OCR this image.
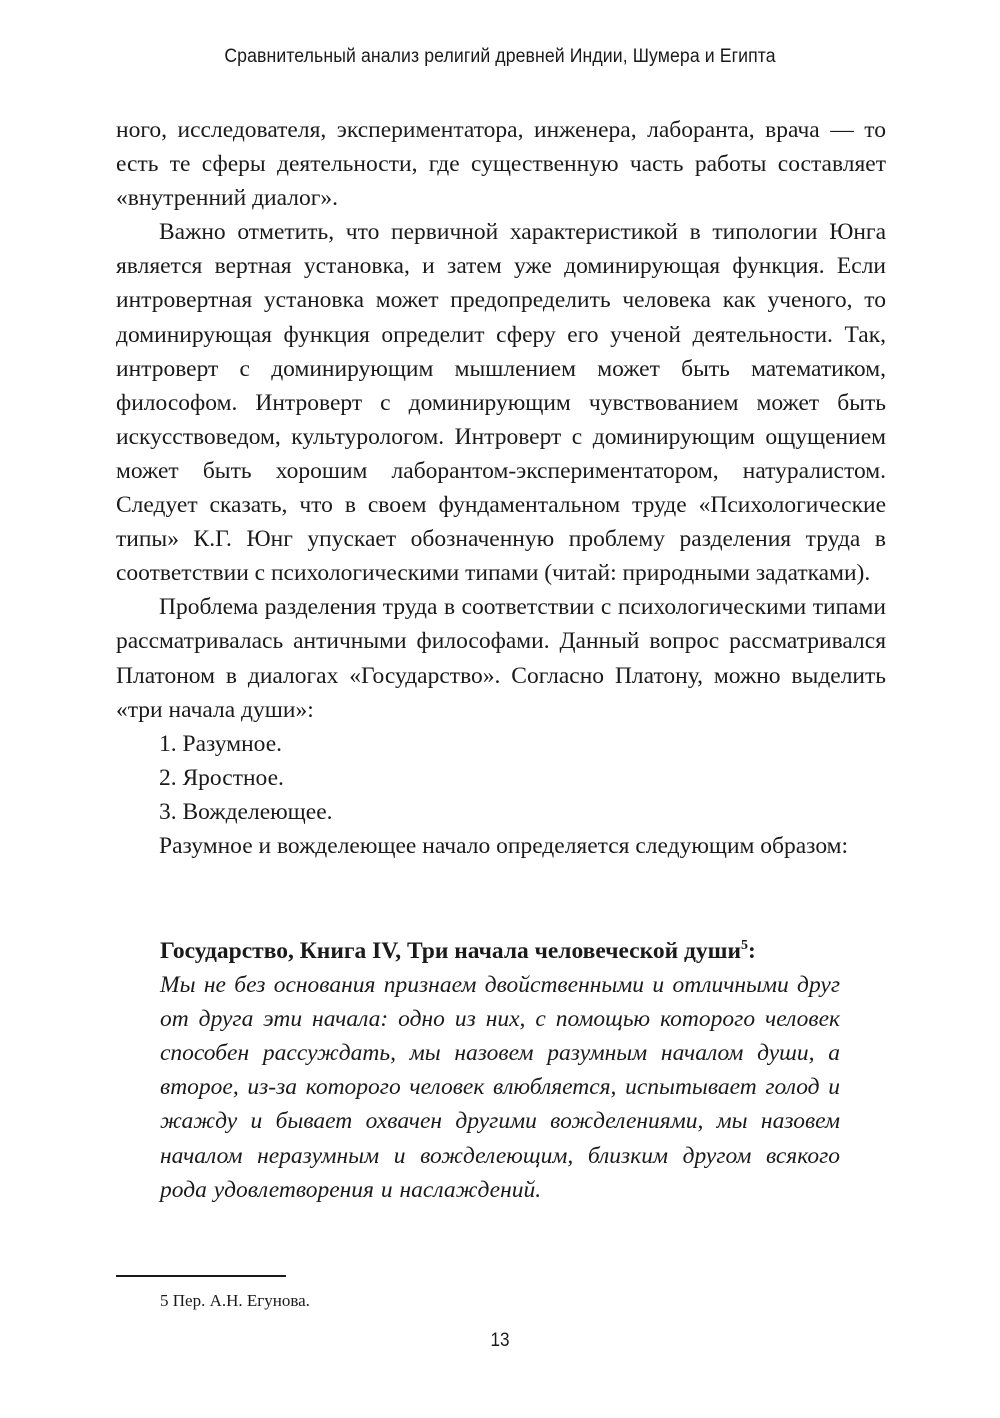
Сравнительный анализ религий древней Индии, Шумера и Египта

ного, исследователя, экспериментатора, инженера, лаборанта, врача — то есть те сферы деятельности, где существенную часть работы составляет «внутренний диалог».

Важно отметить, что первичной характеристикой в типологии Юнга является вертная установка, и затем уже доминирующая функция. Если интровертная установка может предопределить человека как ученого, то доминирующая функция определит сферу его ученой деятельности. Так, интроверт с доминирующим мышлением может быть математиком, философом. Интроверт с доминирующим чувствованием может быть искусствоведом, культурологом. Интроверт с доминирующим ощущением может быть хорошим лаборантом-экспериментатором, натуралистом. Следует сказать, что в своем фундаментальном труде «Психологические типы» К.Г. Юнг упускает обозначенную проблему разделения труда в соответствии с психологическими типами (читай: природными задатками).

Проблема разделения труда в соответствии с психологическими типами рассматривалась античными философами. Данный вопрос рассматривался Платоном в диалогах «Государство». Согласно Платону, можно выделить «три начала души»:

1. Разумное.

2. Яростное.

3. Вожделеющее.

Разумное и вожделеющее начало определяется следующим образом:

Государство, Книга IV, Три начала человеческой души$^5$:

Мы не без основания признаем двойственными и отличными друг от друга эти начала: одно из них, с помощью которого человек способен рассуждать, мы назовем разумным началом души, а второе, из-за которого человек влюбляется, испытывает голод и жажду и бывает охвачен другими вожделениями, мы назовем началом неразумным и вожделеющим, близким другом всякого рода удовлетворения и наслаждений.

5 Пер. А.Н. Егунова.
13
